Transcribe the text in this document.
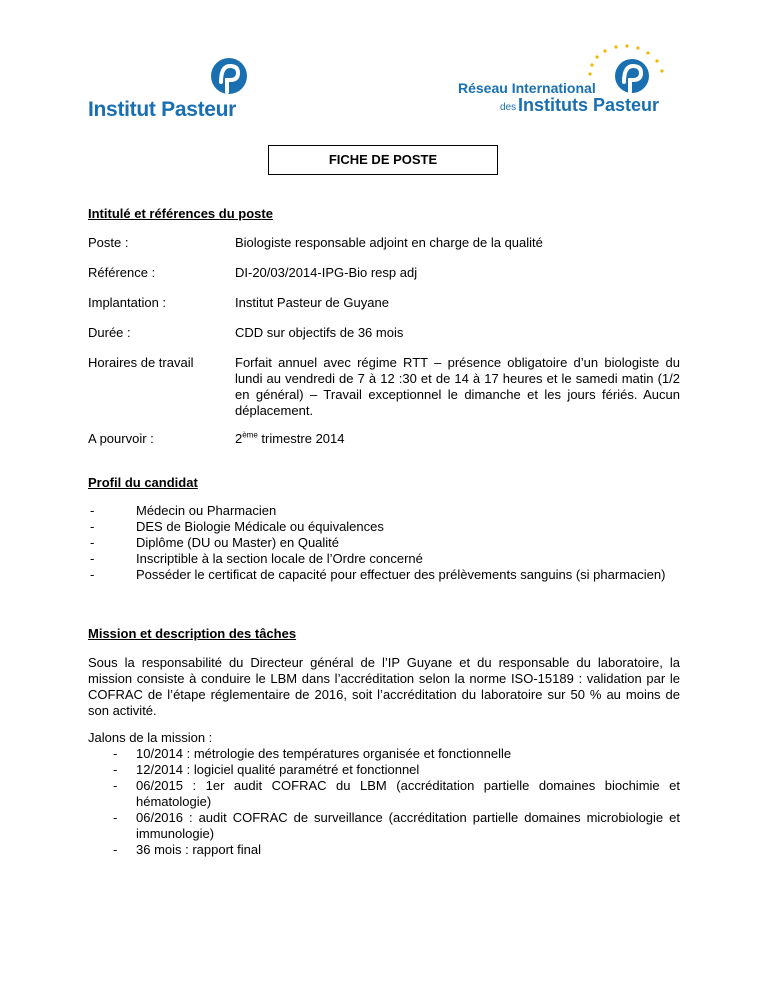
Institut Pasteur
Réseau International
des Instituts Pasteur
FICHE DE POSTE
Intitulé et références du poste
Poste :	Biologiste responsable adjoint en charge de la qualité
Référence :	DI-20/03/2014-IPG-Bio resp adj
Implantation :	Institut Pasteur de Guyane
Durée :	CDD sur objectifs de 36 mois
Horaires de travail	Forfait annuel avec régime RTT – présence obligatoire d’un biologiste du lundi au vendredi de 7 à 12 :30 et de 14 à 17 heures et le samedi matin (1/2 en général) – Travail exceptionnel le dimanche et les jours fériés. Aucun déplacement.
A pourvoir :	2ème trimestre 2014
Profil du candidat
-	Médecin ou Pharmacien
-	DES de Biologie Médicale ou équivalences
-	Diplôme (DU ou Master) en Qualité
-	Inscriptible à la section locale de l’Ordre concerné
-	Posséder le certificat de capacité pour effectuer des prélèvements sanguins (si pharmacien)
Mission et description des tâches
Sous la responsabilité du Directeur général de l’IP Guyane et du responsable du laboratoire, la mission consiste à conduire le LBM dans l’accréditation selon la norme ISO-15189 : validation par le COFRAC de l’étape réglementaire de 2016, soit l’accréditation du laboratoire sur 50 % au moins de son activité.
Jalons de la mission :
- 10/2014 : métrologie des températures organisée et fonctionnelle
- 12/2014 : logiciel qualité paramétré et fonctionnel
- 06/2015 : 1er audit COFRAC du LBM (accréditation partielle domaines biochimie et hématologie)
- 06/2016 : audit COFRAC de surveillance (accréditation partielle domaines microbiologie et immunologie)
- 36 mois : rapport final
